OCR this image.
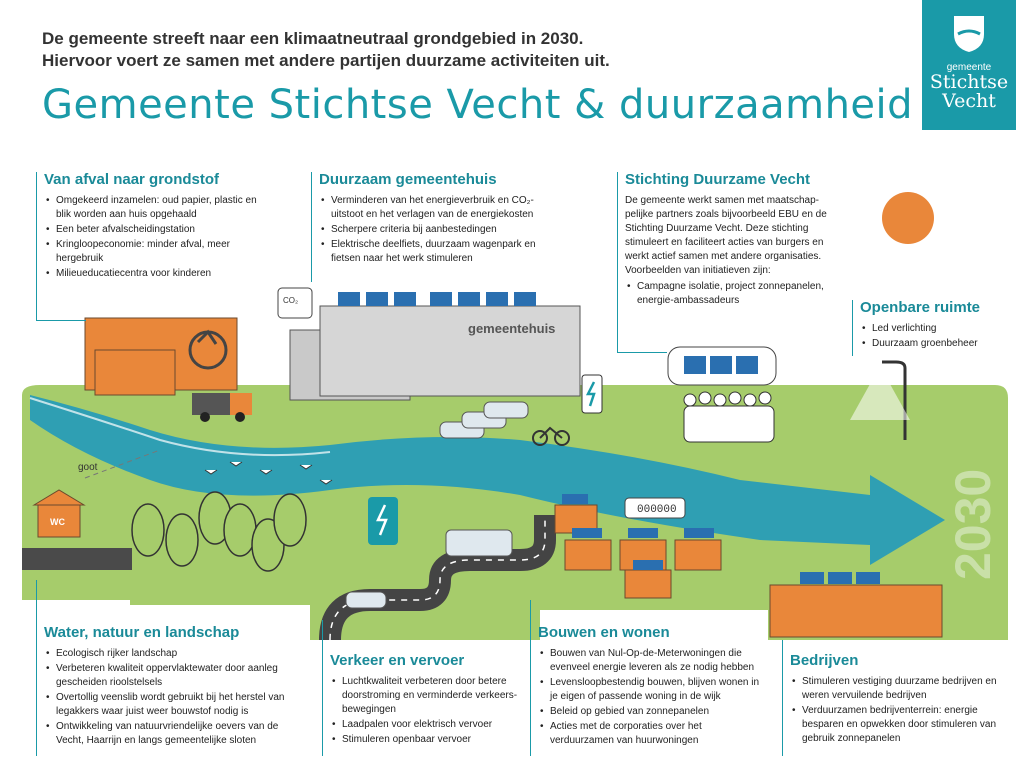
2030
gemeentehuis
CO₂
WC
goot
000000
De gemeente streeft naar een klimaatneutraal grondgebied in 2030.
Hiervoor voert ze samen met andere partijen duurzame activiteiten uit.
Gemeente Stichtse Vecht & duurzaamheid
gemeente
Stichtse
Vecht
Van afval naar grondstof
• Omgekeerd inzamelen: oud papier, plastic en blik worden aan huis opgehaald
• Een beter afvalscheidingstation
• Kringloopeconomie: minder afval, meer hergebruik
• Milieueducatiecentra voor kinderen
Duurzaam gemeentehuis
• Verminderen van het energieverbruik en CO₂-uitstoot en het verlagen van de energiekosten
• Scherpere criteria bij aanbestedingen
• Elektrische deelfiets, duurzaam wagenpark en fietsen naar het werk stimuleren
Stichting Duurzame Vecht
De gemeente werkt samen met maatschap-pelijke partners zoals bijvoorbeeld EBU en de Stichting Duurzame Vecht. Deze stichting stimuleert en faciliteert acties van burgers en werkt actief samen met andere organisaties. Voorbeelden van initiatieven zijn:
• Campagne isolatie, project zonnepanelen, energie-ambassadeurs	Openbare ruimte
• Led verlichting
• Duurzaam groenbeheer
Water, natuur en landschap
• Ecologisch rijker landschap
• Verbeteren kwaliteit oppervlaktewater door aanleg gescheiden rioolstelsels
• Overtollig veenslib wordt gebruikt bij het herstel van legakkers waar juist weer bouwstof nodig is
• Ontwikkeling van natuurvriendelijke oevers van de Vecht, Haarrijn en langs gemeentelijke sloten
Verkeer en vervoer
• Luchtkwaliteit verbeteren door betere doorstroming en verminderde verkeers-bewegingen
• Laadpalen voor elektrisch vervoer
• Stimuleren openbaar vervoer
Bouwen en wonen
• Bouwen van Nul-Op-de-Meterwoningen die evenveel energie leveren als ze nodig hebben
• Levensloopbestendig bouwen, blijven wonen in je eigen of passende woning in de wijk
• Beleid op gebied van zonnepanelen
• Acties met de corporaties over het verduurzamen van huurwoningen
Bedrijven
• Stimuleren vestiging duurzame bedrijven en weren vervuilende bedrijven
• Verduurzamen bedrijventerrein: energie besparen en opwekken door stimuleren van gebruik zonnepanelen
